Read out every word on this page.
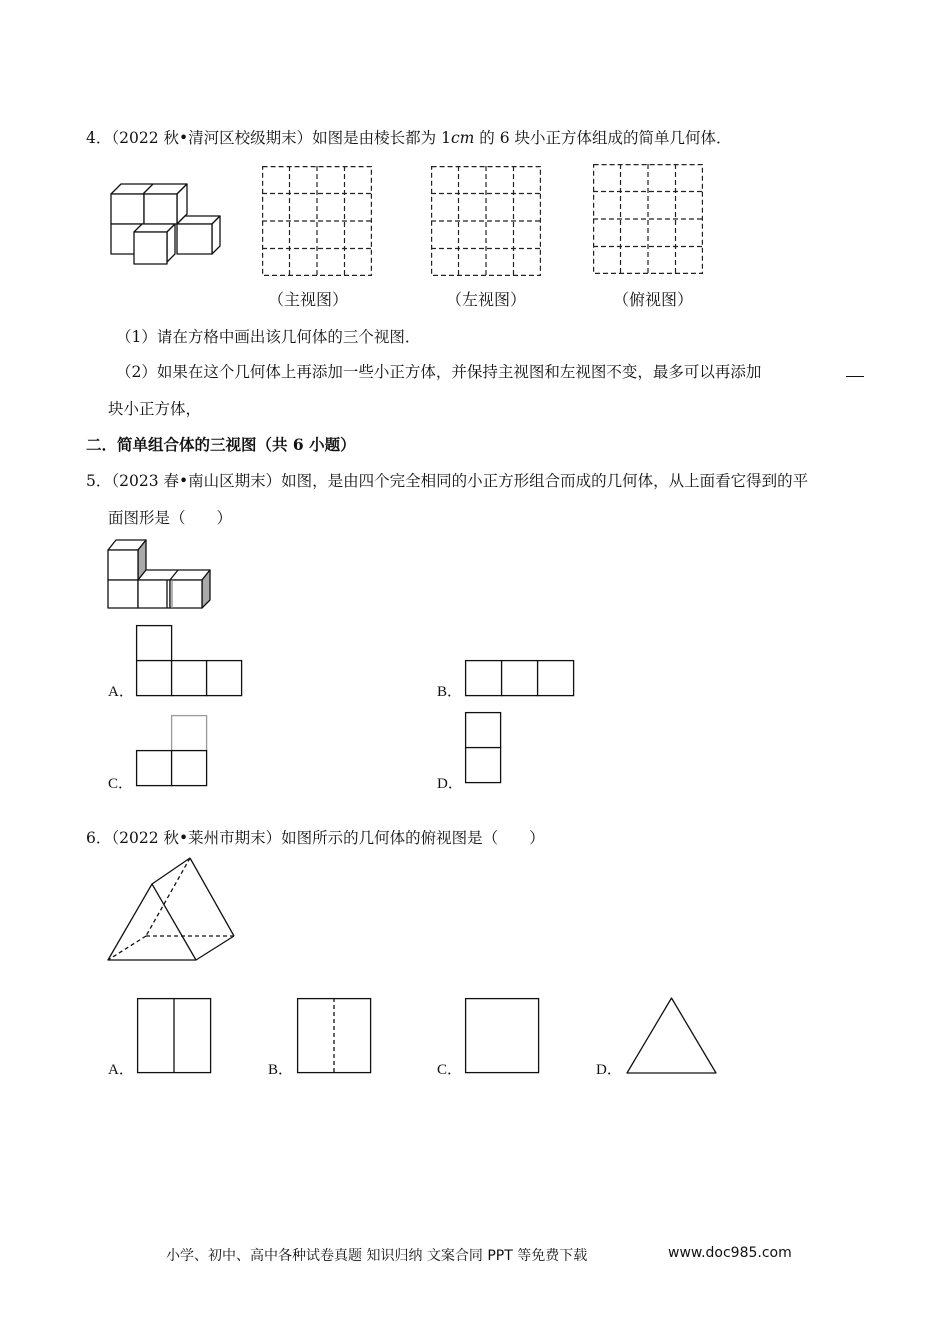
4．（2022 秋•清河区校级期末）如图是由棱长都为 1cm 的 6 块小正方体组成的简单几何体．
（主视图）	（左视图）	（俯视图）
（1）请在方格中画出该几何体的三个视图．
（2）如果在这个几何体上再添加一些小正方体，并保持主视图和左视图不变，最多可以再添加
块小正方体，
二．简单组合体的三视图（共 6 小题）
5．（2023 春•南山区期末）如图，是由四个完全相同的小正方形组合而成的几何体，从上面看它得到的平
面图形是（　　）
A．	B．
C．	D．
6．（2022 秋•莱州市期末）如图所示的几何体的俯视图是（　　）
A．	B．	C．	D．
小学、初中、高中各种试卷真题 知识归纳 文案合同 PPT 等免费下载	www.doc985.com
